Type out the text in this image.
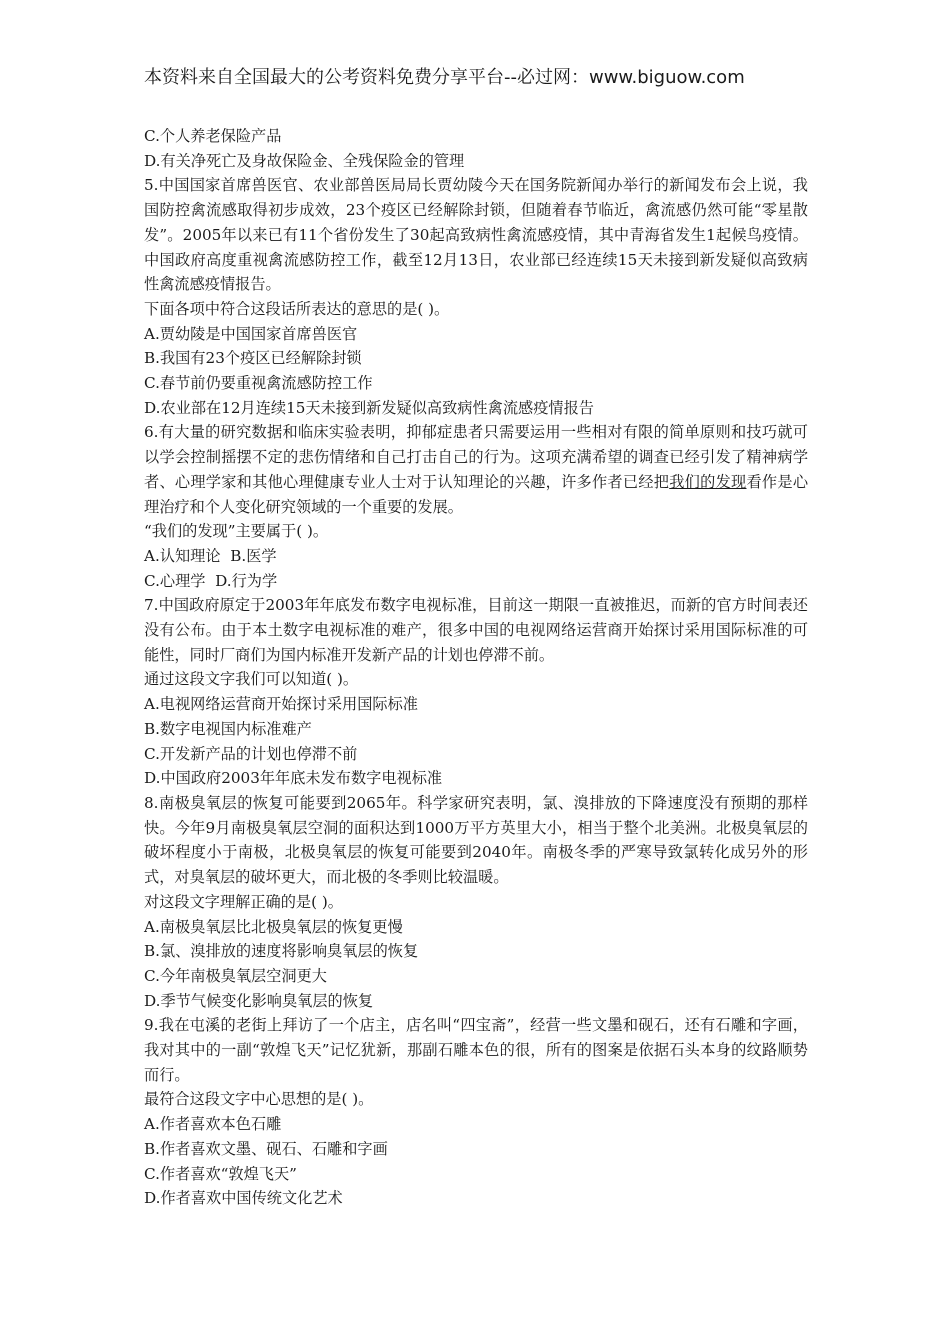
本资料来自全国最大的公考资料免费分享平台--必过网：www.biguow.com
C.个人养老保险产品
D.有关净死亡及身故保险金、全残保险金的管理
5.中国国家首席兽医官、农业部兽医局局长贾幼陵今天在国务院新闻办举行的新闻发布会上说，我国防控禽流感取得初步成效，23个疫区已经解除封锁，但随着春节临近，禽流感仍然可能“零星散发”。2005年以来已有11个省份发生了30起高致病性禽流感疫情，其中青海省发生1起候鸟疫情。中国政府高度重视禽流感防控工作，截至12月13日，农业部已经连续15天未接到新发疑似高致病性禽流感疫情报告。
下面各项中符合这段话所表达的意思的是( )。
A.贾幼陵是中国国家首席兽医官
B.我国有23个疫区已经解除封锁
C.春节前仍要重视禽流感防控工作
D.农业部在12月连续15天未接到新发疑似高致病性禽流感疫情报告
6.有大量的研究数据和临床实验表明，抑郁症患者只需要运用一些相对有限的简单原则和技巧就可以学会控制摇摆不定的悲伤情绪和自己打击自己的行为。这项充满希望的调查已经引发了精神病学者、心理学家和其他心理健康专业人士对于认知理论的兴趣，许多作者已经把我们的发现看作是心理治疗和个人变化研究领域的一个重要的发展。
“我们的发现”主要属于( )。
A.认知理论  B.医学
C.心理学  D.行为学
7.中国政府原定于2003年年底发布数字电视标准，目前这一期限一直被推迟，而新的官方时间表还没有公布。由于本土数字电视标准的难产，很多中国的电视网络运营商开始探讨采用国际标准的可能性，同时厂商们为国内标准开发新产品的计划也停滞不前。
通过这段文字我们可以知道( )。
A.电视网络运营商开始探讨采用国际标准
B.数字电视国内标准难产
C.开发新产品的计划也停滞不前
D.中国政府2003年年底未发布数字电视标准
8.南极臭氧层的恢复可能要到2065年。科学家研究表明，氯、溴排放的下降速度没有预期的那样快。今年9月南极臭氧层空洞的面积达到1000万平方英里大小，相当于整个北美洲。北极臭氧层的破坏程度小于南极，北极臭氧层的恢复可能要到2040年。南极冬季的严寒导致氯转化成另外的形式，对臭氧层的破坏更大，而北极的冬季则比较温暖。
对这段文字理解正确的是( )。
A.南极臭氧层比北极臭氧层的恢复更慢
B.氯、溴排放的速度将影响臭氧层的恢复
C.今年南极臭氧层空洞更大
D.季节气候变化影响臭氧层的恢复
9.我在屯溪的老街上拜访了一个店主，店名叫“四宝斋”，经营一些文墨和砚石，还有石雕和字画，我对其中的一副“敦煌飞天”记忆犹新，那副石雕本色的很，所有的图案是依据石头本身的纹路顺势而行。
最符合这段文字中心思想的是( )。
A.作者喜欢本色石雕
B.作者喜欢文墨、砚石、石雕和字画
C.作者喜欢“敦煌飞天”
D.作者喜欢中国传统文化艺术
